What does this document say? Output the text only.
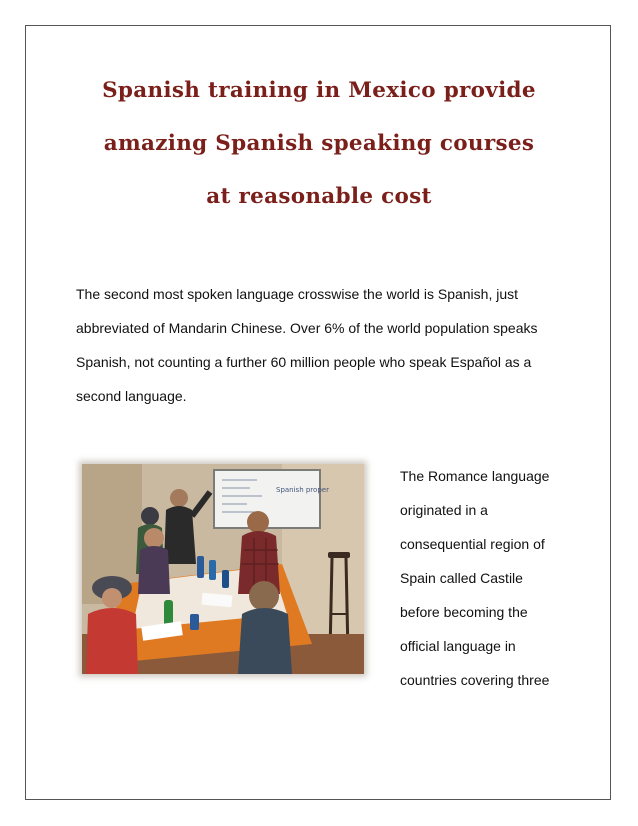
Spanish training in Mexico provide
amazing Spanish speaking courses
at reasonable cost
The second most spoken language crosswise the world is Spanish, just
abbreviated of Mandarin Chinese. Over 6% of the world population speaks
Spanish, not counting a further 60 million people who speak Español as a
second language.
Spanish proper
The Romance language
originated in a
consequential region of
Spain called Castile
before becoming the
official language in
countries covering three
